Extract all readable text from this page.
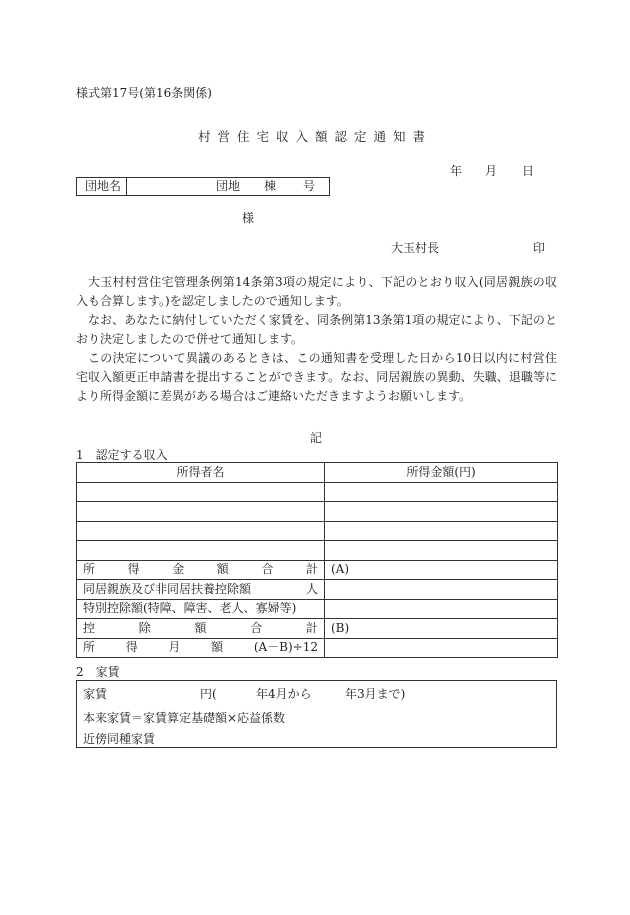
様式第17号(第16条関係)
村営住宅収入額認定通知書
年 月 日
団地名	団地 棟 号
様
大玉村長	印

大玉村村営住宅管理条例第14条第3項の規定により、下記のとおり収入(同居親族の収入も合算します。)を認定しましたので通知します。

なお、あなたに納付していただく家賃を、同条例第13条第1項の規定により、下記のとおり決定しましたので併せて通知します。

この決定について異議のあるときは、この通知書を受理した日から10日以内に村営住宅収入額更正申請書を提出することができます。なお、同居親族の異動、失職、退職等により所得金額に差異がある場合はご連絡いただきますようお願いします。

記
1　認定する収入
所得者名	所得金額(円)

所得金額合計	(A)
同居親族及び非同居扶養控除額 人	

特別控除額(特障、障害、老人、寡婦等)	
控除額合計	(B)
所得月額(A－B)÷12	
2　家賃
家賃	円(	年4月から	年3月まで)
本来家賃＝家賃算定基礎額×応益係数
近傍同種家賃
